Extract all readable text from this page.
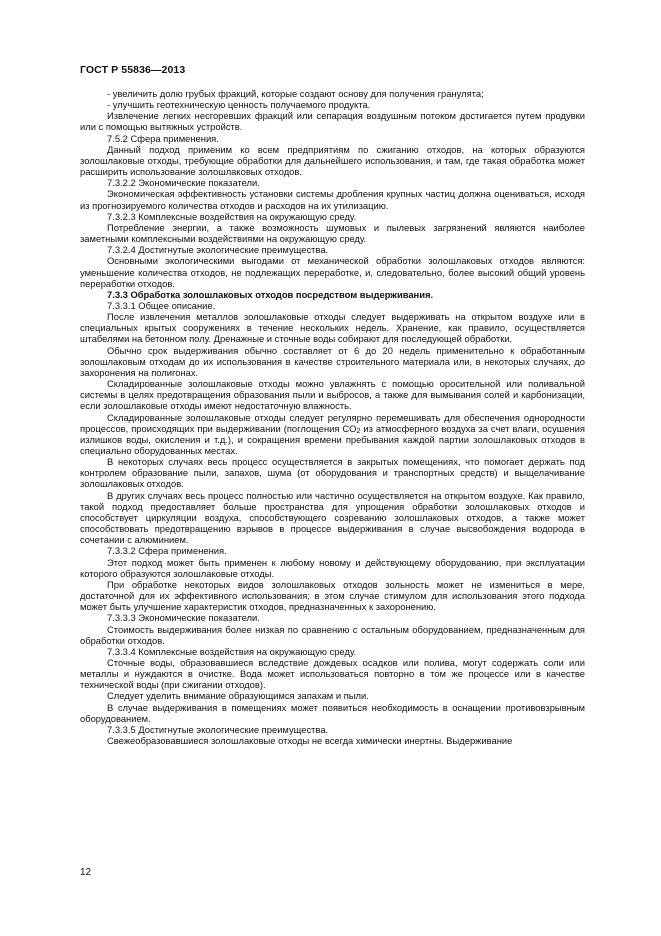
ГОСТ Р 55836—2013

- увеличить долю грубых фракций, которые создают основу для получения гранулята;

- улучшить геотехническую ценность получаемого продукта.

Извлечение легких несгоревших фракций или сепарация воздушным потоком достигается путем продувки или с помощью вытяжных устройств.

7.5.2 Сфера применения.

Данный подход применим ко всем предприятиям по сжиганию отходов, на которых образуются золошлаковые отходы, требующие обработки для дальнейшего использования, и там, где такая обработка может расширить использование золошлаковых отходов.

7.3.2.2 Экономические показатели.

Экономическая эффективность установки системы дробления крупных частиц должна оцениваться, исходя из прогнозируемого количества отходов и расходов на их утилизацию.

7.3.2.3 Комплексные воздействия на окружающую среду.

Потребление энергии, а также возможность шумовых и пылевых загрязнений являются наиболее заметными комплексными воздействиями на окружающую среду.

7.3.2.4 Достигнутые экологические преимущества.

Основными экологическими выгодами от механической обработки золошлаковых отходов являются: уменьшение количества отходов, не подлежащих переработке, и, следовательно, более высокий общий уровень переработки отходов.

7.3.3 Обработка золошлаковых отходов посредством выдерживания.

7.3.3.1 Общее описание.

После извлечения металлов золошлаковые отходы следует выдерживать на открытом воздухе или в специальных крытых сооружениях в течение нескольких недель. Хранение, как правило, осуществляется штабелями на бетонном полу. Дренажные и сточные воды собирают для последующей обработки.

Обычно срок выдерживания обычно составляет от 6 до 20 недель применительно к обработанным золошлаковым отходам до их использования в качестве строительного материала или, в некоторых случаях, до захоронения на полигонах.

Складированные золошлаковые отходы можно увлажнять с помощью оросительной или поливальной системы в целях предотвращения образования пыли и выбросов, а также для вымывания солей и карбонизации, если золошлаковые отходы имеют недостаточную влажность.

Складированные золошлаковые отходы следует регулярно перемешивать для обеспечения однородности процессов, происходящих при выдерживании (поглощения $CO_2$ из атмосферного воздуха за счет влаги, осушения излишков воды, окисления и т.д.), и сокращения времени пребывания каждой партии золошлаковых отходов в специально оборудованных местах.

В некоторых случаях весь процесс осуществляется в закрытых помещениях, что помогает держать под контролем образование пыли, запахов, шума (от оборудования и транспортных средств) и выщелачивание золошлаковых отходов.

В других случаях весь процесс полностью или частично осуществляется на открытом воздухе. Как правило, такой подход предоставляет больше пространства для упрощения обработки золошлаковых отходов и способствует циркуляции воздуха, способствующего созреванию золошлаковых отходов, а также может способствовать предотвращению взрывов в процессе выдерживания в случае высвобождения водорода в сочетании с алюминием.

7.3.3.2 Сфера применения.

Этот подход может быть применен к любому новому и действующему оборудованию, при эксплуатации которого образуются золошлаковые отходы.

При обработке некоторых видов золошлаковых отходов зольность может не измениться в мере, достаточной для их эффективного использования; в этом случае стимулом для использования этого подхода может быть улучшение характеристик отходов, предназначенных к захоронению.

7.3.3.3 Экономические показатели.

Стоимость выдерживания более низкая по сравнению с остальным оборудованием, предназначенным для обработки отходов.

7.3.3.4 Комплексные воздействия на окружающую среду.

Сточные воды, образовавшиеся вследствие дождевых осадков или полива, могут содержать соли или металлы и нуждаются в очистке. Вода может использоваться повторно в том же процессе или в качестве технической воды (при сжигании отходов).

Следует уделить внимание образующимся запахам и пыли.

В случае выдерживания в помещениях может появиться необходимость в оснащении противовзрывным оборудованием.

7.3.3.5 Достигнутые экологические преимущества.

Свежеобразовавшиеся золошлаковые отходы не всегда химически инертны. Выдерживание

12
